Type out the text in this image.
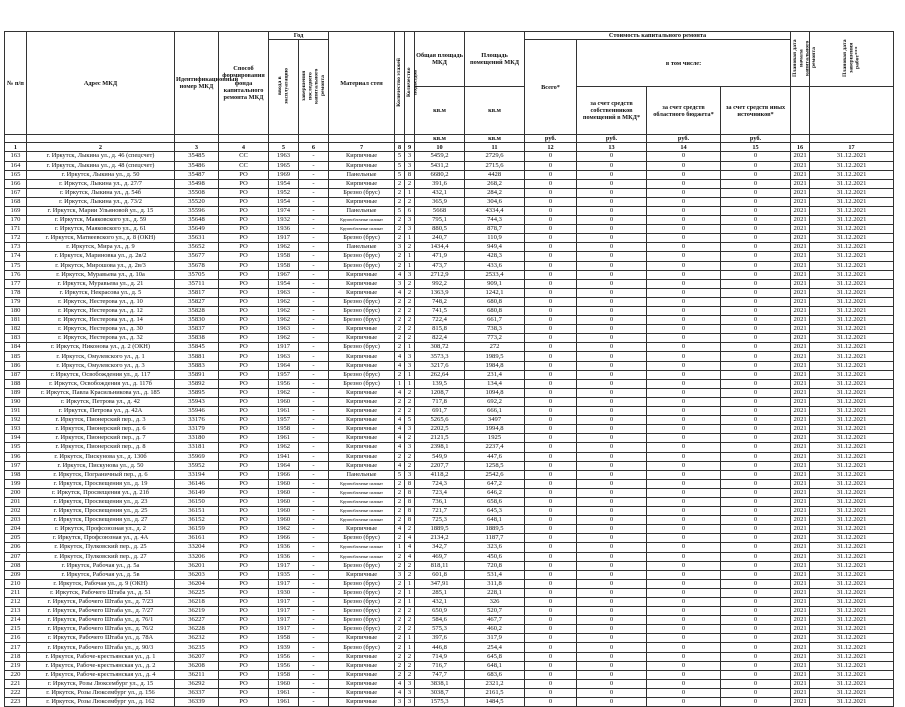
№ п/п	Адрес МКД	Идентификационный номер МКД	Способ формирования фонда капитального ремонта МКД	Год		Материал стен	Количество этажей	Количество подъездов	Общая площадь МКД	Площадь помещений МКД	Стоимость капитального ремонта				Плановая дата начала капитального ремонта	Плановая дата завершения работ***
				ввода в эксплуатацию	завершения последнего капитального ремонта						Всего*	в том числе:				
									кв.м	кв.м		за счет средств собственников помещений в МКД*	за счет средств областного бюджета*	за счет средств иных источников*		
									кв.м	кв.м	руб.	руб.	руб.	руб.		
1	2	3	4	5	6	7	8	9	10	11	12	13	14	15	16	17
163	г. Иркутск, Лыкина ул., д. 46 (спецсчет)	35485	СС	1963	-	Кирпичные	5	3	5459,2	2729,6	0	0	0	0	2021	31.12.2021
164	г. Иркутск, Лыкина ул., д. 48 (спецсчет)	35486	СС	1965	-	Кирпичные	5	3	5431,2	2715,6	0	0	0	0	2021	31.12.2021
165	г. Иркутск, Лыкина ул., д. 50	35487	РО	1969	-	Панельные	5	8	6680,2	4428	0	0	0	0	2021	31.12.2021
166	г. Иркутск, Лыкина ул., д. 27/7	35498	РО	1954	-	Кирпичные	2	2	391,6	268,2	0	0	0	0	2021	31.12.2021
167	г. Иркутск, Лыкина ул., д. 54б	35508	РО	1952	-	Брезно (брус)	2	1	432,1	284,2	0	0	0	0	2021	31.12.2021
168	г. Иркутск, Лыкина ул., д. 73/2	35520	РО	1954	-	Кирпичные	2	2	365,9	304,6	0	0	0	0	2021	31.12.2021
169	г. Иркутск, Марии Ульяновой ул., д. 15	35596	РО	1974	-	Панельные	5	6	5668	4334,4	0	0	0	0	2021	31.12.2021
170	г. Иркутск, Маяковского ул., д. 59	35648	РО	1932	-	Крупноблочные силикат	2	3	795,1	744,3	0	0	0	0	2021	31.12.2021
171	г. Иркутск, Маяковского ул., д. 61	35649	РО	1936	-	Крупноблочные силикат	2	3	880,5	878,7	0	0	0	0	2021	31.12.2021
172	г. Иркутск, Матвеевского ул., д. 8 (ОКН)	35631	РО	1917	-	Брезно (брус)	2	1	240,7	110,9	0	0	0	0	2021	31.12.2021
173	г. Иркутск, Мира ул., д. 9	35652	РО	1962	-	Панельные	3	2	1434,4	949,4	0	0	0	0	2021	31.12.2021
174	г. Иркутск, Мариновка ул., д. 2в/2	35677	РО	1958	-	Брезно (брус)	2	1	471,9	428,3	0	0	0	0	2021	31.12.2021
175	г. Иркутск, Мирошова ул., д. 2в/3	35678	РО	1958	-	Брезно (брус)	2	1	473,7	433,6	0	0	0	0	2021	31.12.2021
176	г. Иркутск, Муравьева ул., д. 10а	35705	РО	1967	-	Кирпичные	4	3	2712,9	2533,4	0	0	0	0	2021	31.12.2021
177	г. Иркутск, Муравьева ул., д. 21	35711	РО	1954	-	Кирпичные	3	2	992,2	909,1	0	0	0	0	2021	31.12.2021
178	г. Иркутск, Некрасова ул., д. 5	35817	РО	1963	-	Кирпичные	4	2	1363,9	1242,1	0	0	0	0	2021	31.12.2021
179	г. Иркутск, Нестерова ул., д. 10	35827	РО	1962	-	Брезно (брус)	2	2	748,2	680,8	0	0	0	0	2021	31.12.2021
180	г. Иркутск, Нестерова ул., д. 12	35828	РО	1962	-	Брезно (брус)	2	2	741,5	680,8	0	0	0	0	2021	31.12.2021
181	г. Иркутск, Нестерова ул., д. 14	35830	РО	1962	-	Брезно (брус)	2	2	722,4	661,7	0	0	0	0	2021	31.12.2021
182	г. Иркутск, Нестерова ул., д. 30	35837	РО	1963	-	Кирпичные	2	2	815,8	738,3	0	0	0	0	2021	31.12.2021
183	г. Иркутск, Нестерова ул., д. 32	35838	РО	1962	-	Кирпичные	2	2	822,4	773,2	0	0	0	0	2021	31.12.2021
184	г. Иркутск, Никонова ул., д. 2 (ОКН)	35845	РО	1917	-	Брезно (брус)	2	1	308,72	272	0	0	0	0	2021	31.12.2021
185	г. Иркутск, Омулевского ул., д. 1	35881	РО	1963	-	Кирпичные	4	3	3573,3	1989,5	0	0	0	0	2021	31.12.2021
186	г. Иркутск, Омулевского ул., д. 3	35883	РО	1964	-	Кирпичные	4	3	3217,6	1984,8	0	0	0	0	2021	31.12.2021
187	г. Иркутск, Освобождения ул., д. 117	35891	РО	1957	-	Брезно (брус)	2	1	262,64	231,4	0	0	0	0	2021	31.12.2021
188	г. Иркутск, Освобождения ул., д. 117б	35892	РО	1956	-	Брезно (брус)	1	1	139,5	134,4	0	0	0	0	2021	31.12.2021
189	г. Иркутск, Павла Красильникова ул., д. 185	35895	РО	1962	-	Кирпичные	4	2	1208,7	1094,8	0	0	0	0	2021	31.12.2021
190	г. Иркутск, Петрова ул., д. 42	35943	РО	1960	-	Кирпичные	2	2	717,8	692,2	0	0	0	0	2021	31.12.2021
191	г. Иркутск, Петрова ул., д. 42А	35946	РО	1961	-	Кирпичные	2	2	691,7	666,1	0	0	0	0	2021	31.12.2021
192	г. Иркутск, Пионерский пер., д. 3	33176	РО	1957	-	Кирпичные	4	5	5265,6	3497	0	0	0	0	2021	31.12.2021
193	г. Иркутск, Пионерский пер., д. 6	33179	РО	1958	-	Кирпичные	4	3	2202,5	1994,8	0	0	0	0	2021	31.12.2021
194	г. Иркутск, Пионерский пер., д. 7	33180	РО	1961	-	Кирпичные	4	2	2121,5	1925	0	0	0	0	2021	31.12.2021
195	г. Иркутск, Пионерский пер., д. 8	33181	РО	1962	-	Кирпичные	4	3	2398,1	2237,4	0	0	0	0	2021	31.12.2021
196	г. Иркутск, Пискунова ул., д. 130б	35969	РО	1941	-	Кирпичные	2	2	549,9	447,6	0	0	0	0	2021	31.12.2021
197	г. Иркутск, Пискунова ул., д. 50	35952	РО	1964	-	Кирпичные	4	2	2207,7	1258,5	0	0	0	0	2021	31.12.2021
198	г. Иркутск, Пограничный пер., д. 6	33194	РО	1966	-	Панельные	5	3	4118,2	2542,6	0	0	0	0	2021	31.12.2021
199	г. Иркутск, Просвещения ул., д. 19	36146	РО	1960	-	Крупноблочные силикат	2	8	724,3	647,2	0	0	0	0	2021	31.12.2021
200	г. Иркутск, Просвещения ул., д. 21б	36149	РО	1960	-	Крупноблочные силикат	2	8	723,4	646,2	0	0	0	0	2021	31.12.2021
201	г. Иркутск, Просвещения ул., д. 23	36150	РО	1960	-	Крупноблочные силикат	2	8	736,1	658,6	0	0	0	0	2021	31.12.2021
202	г. Иркутск, Просвещения ул., д. 25	36151	РО	1960	-	Крупноблочные силикат	2	8	721,7	645,3	0	0	0	0	2021	31.12.2021
203	г. Иркутск, Просвещения ул., д. 27	36152	РО	1960	-	Крупноблочные силикат	2	8	725,3	648,1	0	0	0	0	2021	31.12.2021
204	г. Иркутск, Профсоюзная ул., д. 2	36159	РО	1962	-	Кирпичные	4	2	1889,5	1889,5	0	0	0	0	2021	31.12.2021
205	г. Иркутск, Профсоюзная ул., д. 4А	36161	РО	1966	-	Брезно (брус)	2	4	2134,2	1187,7	0	0	0	0	2021	31.12.2021
206	г. Иркутск, Пулковский пер., д. 25	33204	РО	1936	-	Крупноблочные силикат	1	4	342,7	323,6	0	0	0	0	2021	31.12.2021
207	г. Иркутск, Пулковский пер., д. 27	33206	РО	1936	-	Крупноблочные силикат	2	4	469,7	450,6	0	0	0	0	2021	31.12.2021
208	г. Иркутск, Рабочая ул., д. 5а	36201	РО	1917	-	Брезно (брус)	2	2	818,11	720,8	0	0	0	0	2021	31.12.2021
209	г. Иркутск, Рабочая ул., д. 5в	36203	РО	1935	-	Кирпичные	3	2	601,8	531,4	0	0	0	0	2021	31.12.2021
210	г. Иркутск, Рабочая ул., д. 9 (ОКН)	36204	РО	1917	-	Брезно (брус)	2	1	347,91	311,8	0	0	0	0	2021	31.12.2021
211	г. Иркутск, Рабочего Штаба ул., д. 51	36225	РО	1930	-	Брезно (брус)	2	1	285,1	228,1	0	0	0	0	2021	31.12.2021
212	г. Иркутск, Рабочего Штаба ул., д. 7/23	36218	РО	1917	-	Брезно (брус)	2	1	432,1	326	0	0	0	0	2021	31.12.2021
213	г. Иркутск, Рабочего Штаба ул., д. 7/27	36219	РО	1917	-	Брезно (брус)	2	2	650,9	520,7	0	0	0	0	2021	31.12.2021
214	г. Иркутск, Рабочего Штаба ул., д. 76/1	36227	РО	1917	-	Брезно (брус)	2	2	584,6	467,7	0	0	0	0	2021	31.12.2021
215	г. Иркутск, Рабочего Штаба ул., д. 76/2	36228	РО	1917	-	Брезно (брус)	2	2	575,3	460,2	0	0	0	0	2021	31.12.2021
216	г. Иркутск, Рабочего Штаба ул., д. 78А	36232	РО	1958	-	Кирпичные	2	1	397,6	317,9	0	0	0	0	2021	31.12.2021
217	г. Иркутск, Рабочего Штаба ул., д. 90/3	36235	РО	1939	-	Брезно (брус)	2	1	446,8	254,4	0	0	0	0	2021	31.12.2021
218	г. Иркутск, Рабоче-крестьянская ул., д. 1	36207	РО	1956	-	Кирпичные	2	2	714,9	645,8	0	0	0	0	2021	31.12.2021
219	г. Иркутск, Рабоче-крестьянская ул., д. 2	36208	РО	1956	-	Кирпичные	2	2	716,7	648,1	0	0	0	0	2021	31.12.2021
220	г. Иркутск, Рабоче-крестьянская ул., д. 4	36211	РО	1958	-	Кирпичные	2	2	747,7	683,6	0	0	0	0	2021	31.12.2021
221	г. Иркутск, Розы Люксембург ул., д. 15	36292	РО	1960	-	Кирпичные	4	3	3838,1	2321,2	0	0	0	0	2021	31.12.2021
222	г. Иркутск, Розы Люксембург ул., д. 156	36337	РО	1961	-	Кирпичные	4	3	3038,7	2161,5	0	0	0	0	2021	31.12.2021
223	г. Иркутск, Розы Люксембург ул., д. 162	36339	РО	1961	-	Кирпичные	3	3	1575,3	1484,5	0	0	0	0	2021	31.12.2021
